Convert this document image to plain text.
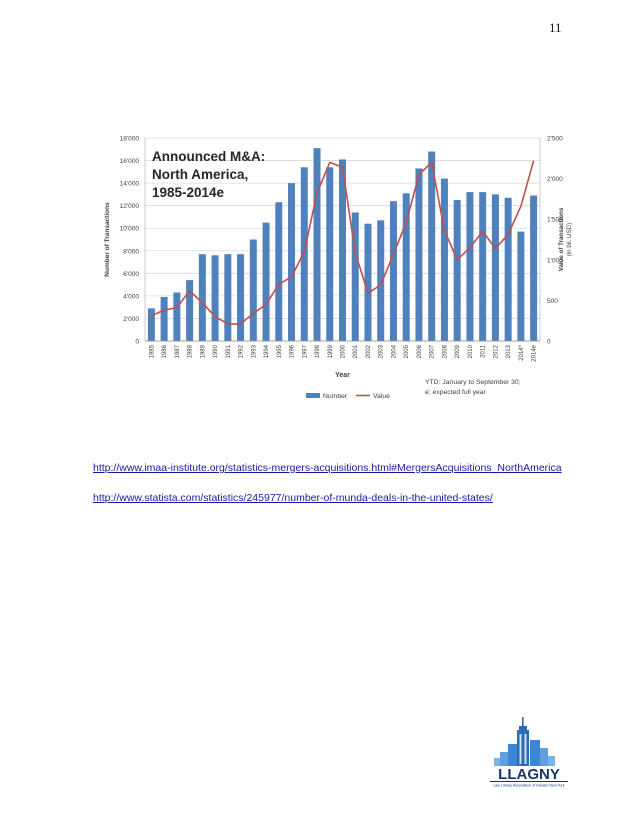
11
0
2'000
4'000
6'000
8'000
10'000
12'000
14'000
16'000
18'000
0
500
1'000
1'500
2'000
2'500
1985 1986 1987 1988 1989 1990 1991 1992 1993 1994 1995 1996 1997 1998 1999 2000 2001 2002 2003 2004 2005 2006 2007 2008 2009 2010 2011 2012 2013 2014* 2014e
Year
Number of Transactions	Value of Transactions (in bil. USD)
Announced M&A:
North America,
1985-2014e
Number	Value
YTD: January to September 30;
e: expected full year
http://www.imaa-institute.org/statistics-mergers-acquisitions.html#MergersAcquisitions_NorthAmerica
http://www.statista.com/statistics/245977/number-of-munda-deals-in-the-united-states/
LLAGNY
Law Library Association of Greater New York
